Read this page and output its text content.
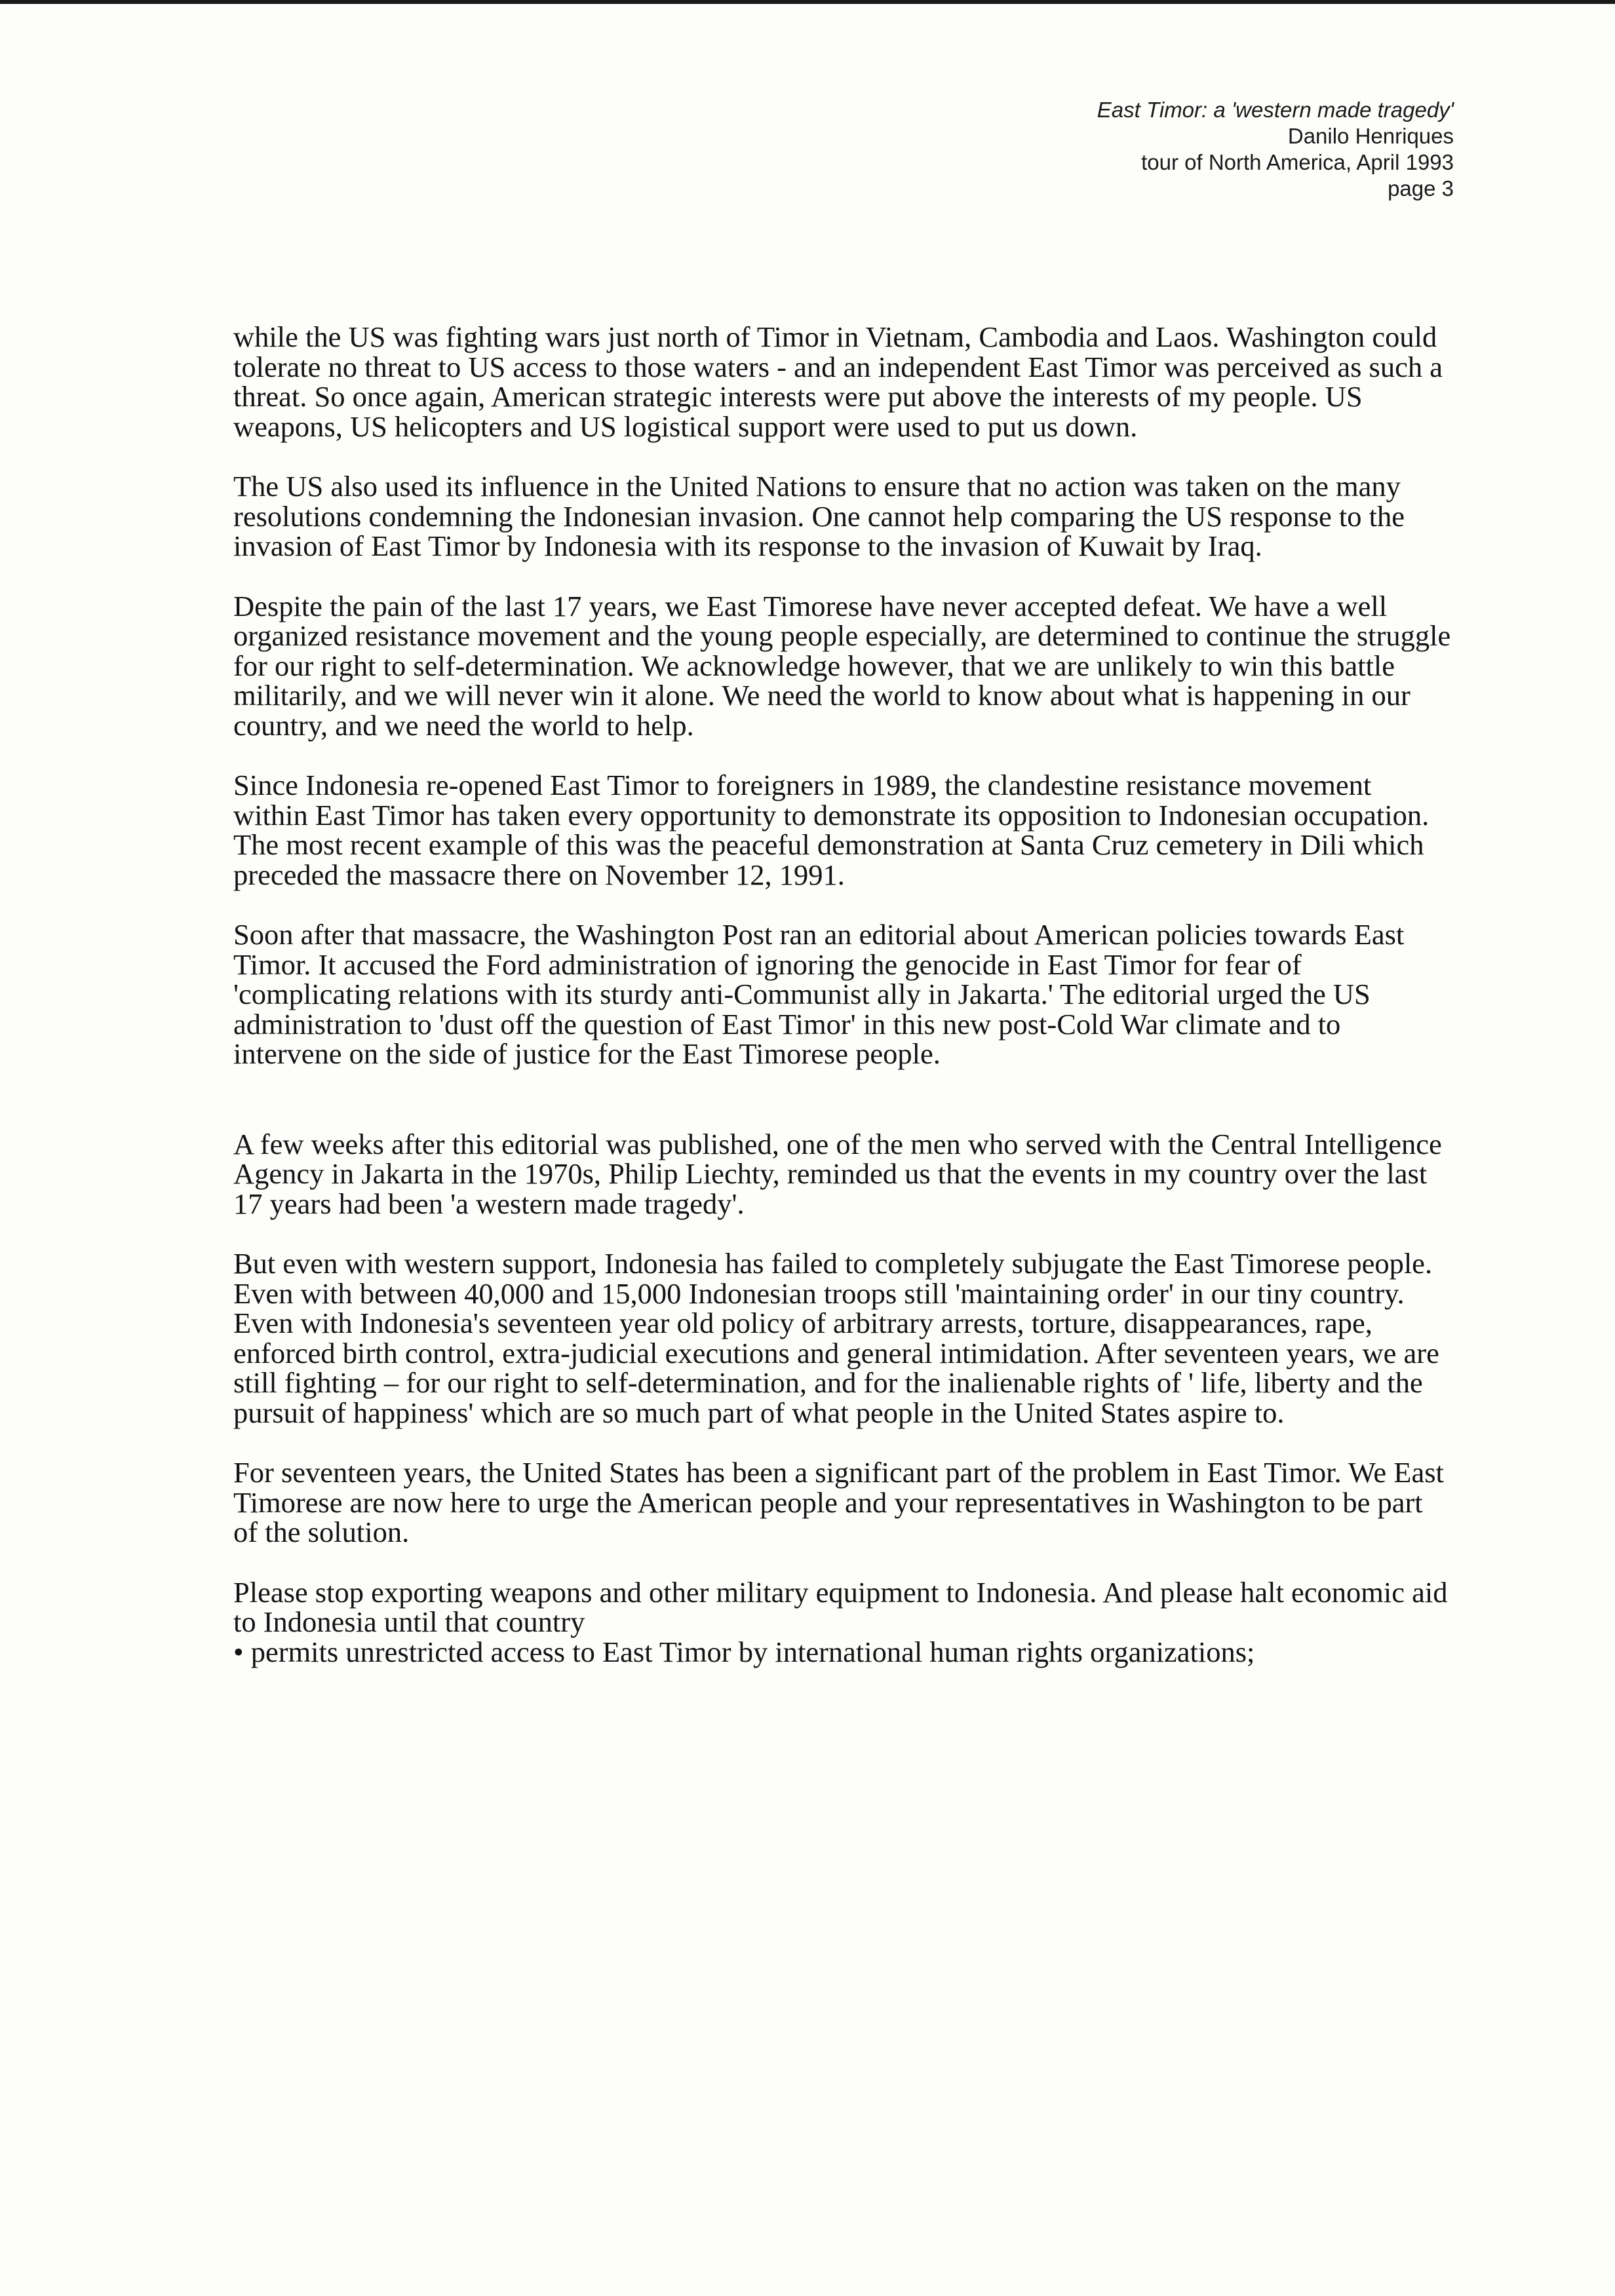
East Timor: a 'western made tragedy'
Danilo Henriques
tour of North America, April 1993
page 3

while the US was fighting wars just north of Timor in Vietnam, Cambodia and Laos. Washington could tolerate no threat to US access to those waters - and an independent East Timor was perceived as such a threat. So once again, American strategic interests were put above the interests of my people. US weapons, US helicopters and US logistical support were used to put us down.

The US also used its influence in the United Nations to ensure that no action was taken on the many resolutions condemning the Indonesian invasion. One cannot help comparing the US response to the invasion of East Timor by Indonesia with its response to the invasion of Kuwait by Iraq.

Despite the pain of the last 17 years, we East Timorese have never accepted defeat. We have a well organized resistance movement and the young people especially, are determined to continue the struggle for our right to self-determination. We acknowledge however, that we are unlikely to win this battle militarily, and we will never win it alone. We need the world to know about what is happening in our country, and we need the world to help.

Since Indonesia re-opened East Timor to foreigners in 1989, the clandestine resistance movement within East Timor has taken every opportunity to demonstrate its opposition to Indonesian occupation. The most recent example of this was the peaceful demonstration at Santa Cruz cemetery in Dili which preceded the massacre there on November 12, 1991.

Soon after that massacre, the Washington Post ran an editorial about American policies towards East Timor. It accused the Ford administration of ignoring the genocide in East Timor for fear of 'complicating relations with its sturdy anti-Communist ally in Jakarta.' The editorial urged the US administration to 'dust off the question of East Timor' in this new post-Cold War climate and to intervene on the side of justice for the East Timorese people.

A few weeks after this editorial was published, one of the men who served with the Central Intelligence Agency in Jakarta in the 1970s, Philip Liechty, reminded us that the events in my country over the last 17 years had been 'a western made tragedy'.

But even with western support, Indonesia has failed to completely subjugate the East Timorese people. Even with between 40,000 and 15,000 Indonesian troops still 'maintaining order' in our tiny country. Even with Indonesia's seventeen year old policy of arbitrary arrests, torture, disappearances, rape, enforced birth control, extra-judicial executions and general intimidation. After seventeen years, we are still fighting – for our right to self-determination, and for the inalienable rights of ' life, liberty and the pursuit of happiness' which are so much part of what people in the United States aspire to.

For seventeen years, the United States has been a significant part of the problem in East Timor. We East Timorese are now here to urge the American people and your representatives in Washington to be part of the solution.

Please stop exporting weapons and other military equipment to Indonesia. And please halt economic aid to Indonesia until that country
• permits unrestricted access to East Timor by international human rights organizations;
